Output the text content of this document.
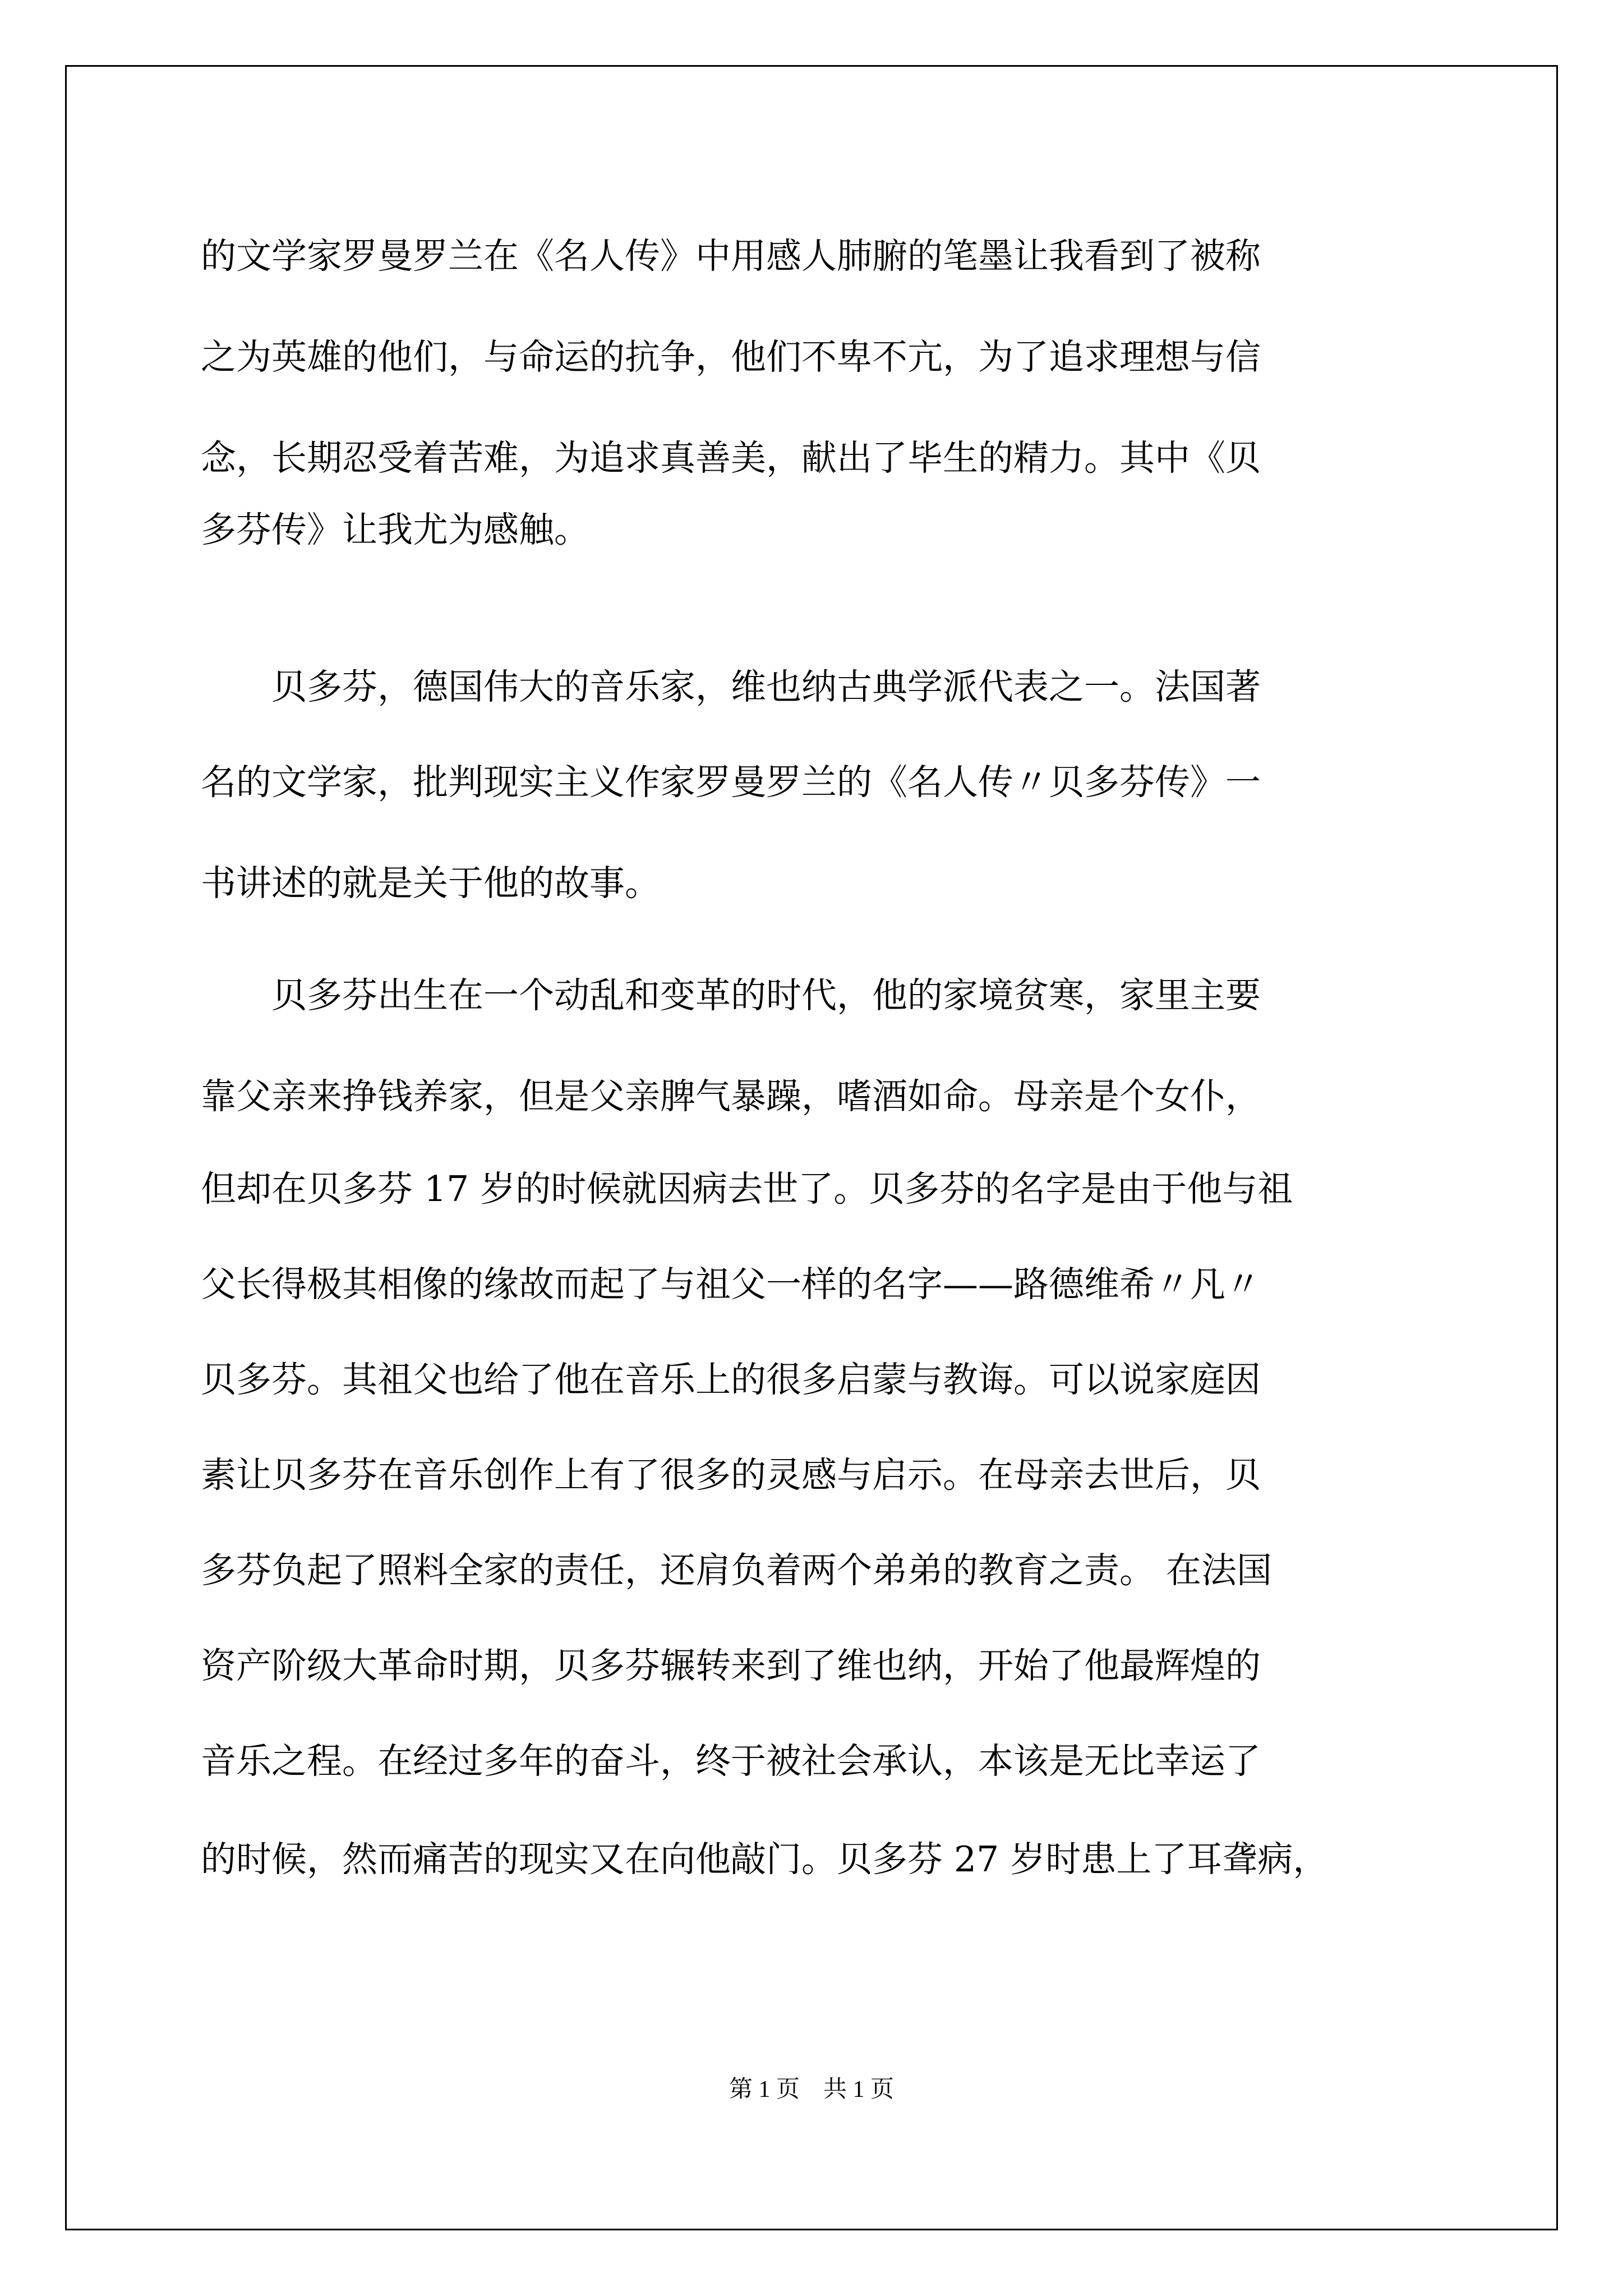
的文学家罗曼罗兰在《名人传》中用感人肺腑的笔墨让我看到了被称
之为英雄的他们，与命运的抗争，他们不卑不亢，为了追求理想与信
念，长期忍受着苦难，为追求真善美，献出了毕生的精力。其中《贝
多芬传》让我尤为感触。
　　贝多芬，德国伟大的音乐家，维也纳古典学派代表之一。法国著
名的文学家，批判现实主义作家罗曼罗兰的《名人传〃贝多芬传》一
书讲述的就是关于他的故事。
　　贝多芬出生在一个动乱和变革的时代，他的家境贫寒，家里主要
靠父亲来挣钱养家，但是父亲脾气暴躁，嗜酒如命。母亲是个女仆，
但却在贝多芬 17 岁的时候就因病去世了。贝多芬的名字是由于他与祖
父长得极其相像的缘故而起了与祖父一样的名字——路德维希〃凡〃
贝多芬。其祖父也给了他在音乐上的很多启蒙与教诲。可以说家庭因
素让贝多芬在音乐创作上有了很多的灵感与启示。在母亲去世后，贝
多芬负起了照料全家的责任，还肩负着两个弟弟的教育之责。 在法国
资产阶级大革命时期，贝多芬辗转来到了维也纳，开始了他最辉煌的
音乐之程。在经过多年的奋斗，终于被社会承认，本该是无比幸运了
的时候，然而痛苦的现实又在向他敲门。贝多芬 27 岁时患上了耳聋病，
第 1 页　共 1 页
